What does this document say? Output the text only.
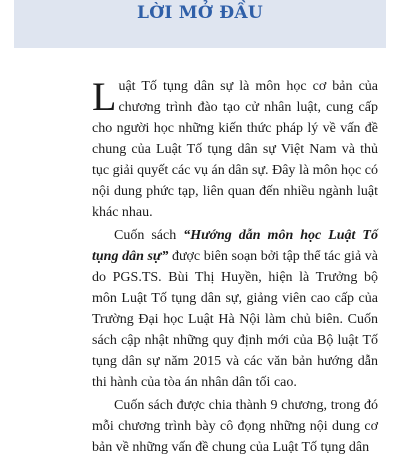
LỜI MỞ ĐẦU

Luật Tố tụng dân sự là môn học cơ bản của chương trình đào tạo cử nhân luật, cung cấp cho người học những kiến thức pháp lý về vấn đề chung của Luật Tố tụng dân sự Việt Nam và thủ tục giải quyết các vụ án dân sự. Đây là môn học có nội dung phức tạp, liên quan đến nhiều ngành luật khác nhau.

Cuốn sách “Hướng dẫn môn học Luật Tố tụng dân sự” được biên soạn bởi tập thể tác giả và do PGS.TS. Bùi Thị Huyền, hiện là Trưởng bộ môn Luật Tố tụng dân sự, giảng viên cao cấp của Trường Đại học Luật Hà Nội làm chủ biên. Cuốn sách cập nhật những quy định mới của Bộ luật Tố tụng dân sự năm 2015 và các văn bản hướng dẫn thi hành của tòa án nhân dân tối cao.

Cuốn sách được chia thành 9 chương, trong đó mỗi chương trình bày cô đọng những nội dung cơ bản về những vấn đề chung của Luật Tố tụng dân
